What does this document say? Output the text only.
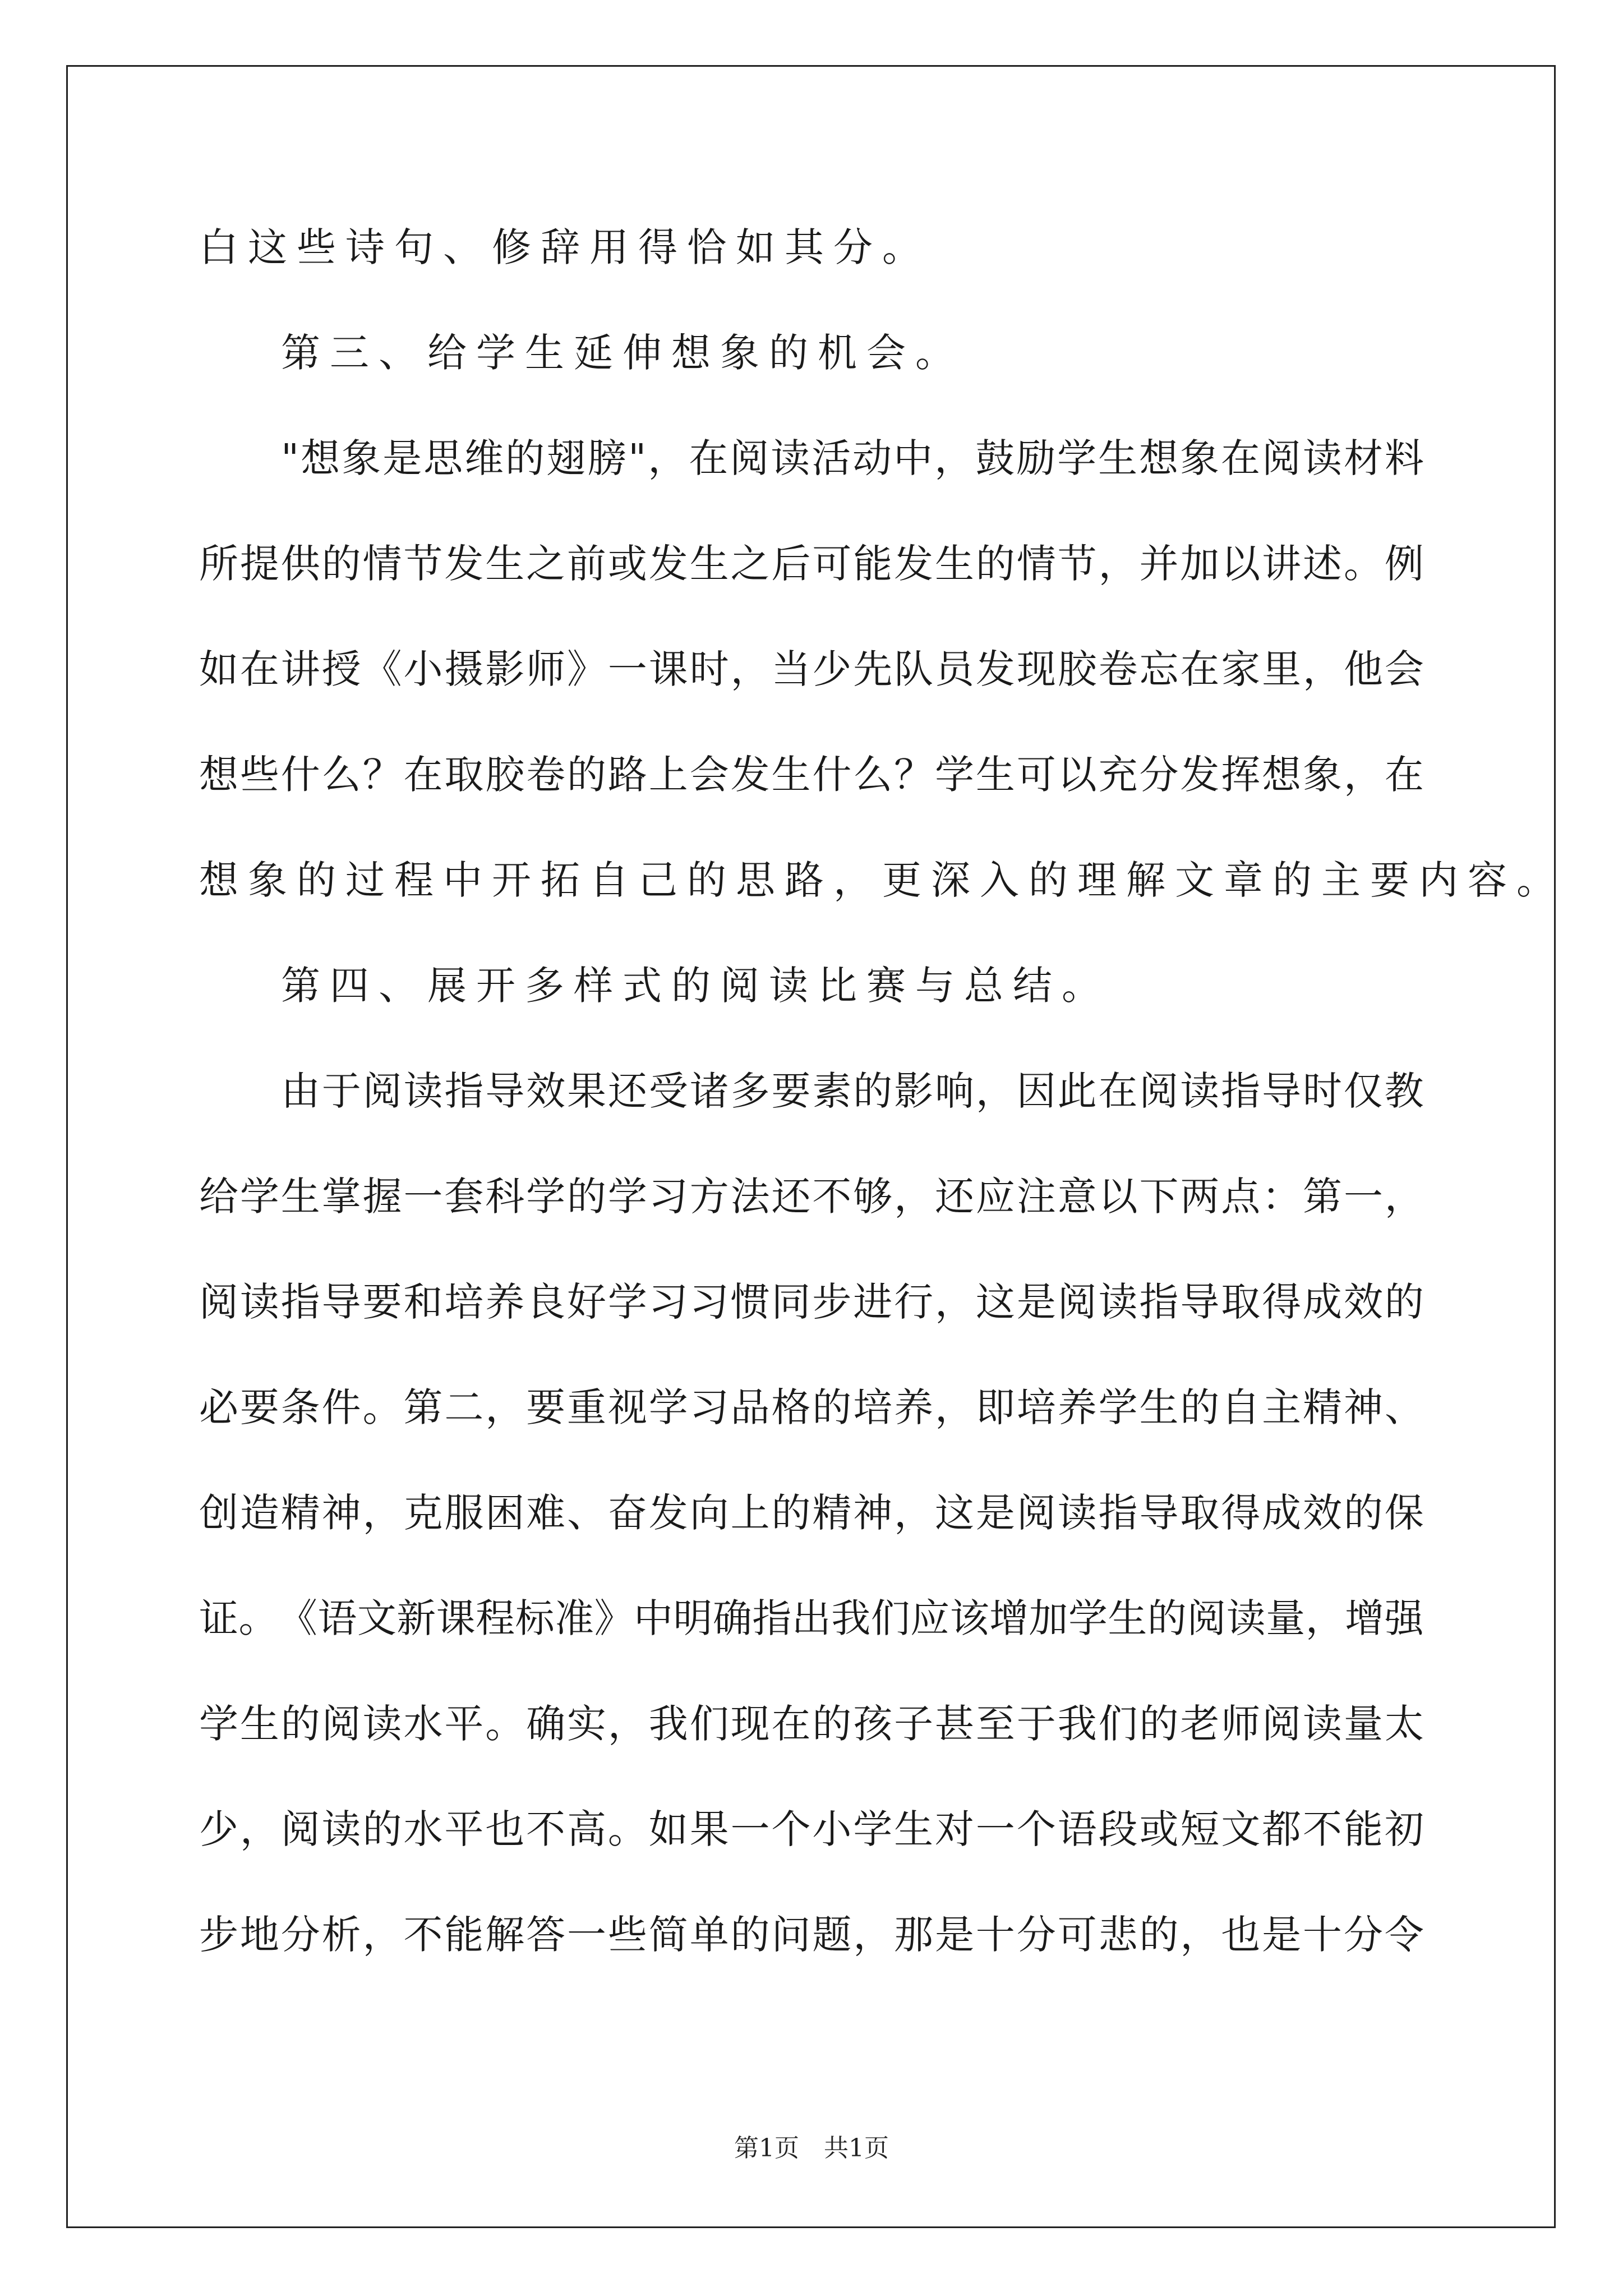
白这些诗句、修辞用得恰如其分。
第三、给学生延伸想象的机会。
" 想 象 是 思 维 的 翅 膀 " ， 在 阅 读 活 动 中 ， 鼓 励 学 生 想 象 在 阅 读 材 料
所 提 供 的 情 节 发 生 之 前 或 发 生 之 后 可 能 发 生 的 情 节 ， 并 加 以 讲 述 。 例
如 在 讲 授 《 小 摄 影 师 》 一 课 时 ， 当 少 先 队 员 发 现 胶 卷 忘 在 家 里 ， 他 会
想 些 什 么 ？ 在 取 胶 卷 的 路 上 会 发 生 什 么 ？ 学 生 可 以 充 分 发 挥 想 象 ， 在
想象的过程中开拓自己的思路，更深入的理解文章的主要内容。
第四、展开多样式的阅读比赛与总结。
由 于 阅 读 指 导 效 果 还 受 诸 多 要 素 的 影 响 ， 因 此 在 阅 读 指 导 时 仅 教
给 学 生 掌 握 一 套 科 学 的 学 习 方 法 还 不 够 ， 还 应 注 意 以 下 两 点 ： 第 一 ，
阅 读 指 导 要 和 培 养 良 好 学 习 习 惯 同 步 进 行 ， 这 是 阅 读 指 导 取 得 成 效 的
必 要 条 件 。 第 二 ， 要 重 视 学 习 品 格 的 培 养 ， 即 培 养 学 生 的 自 主 精 神 、
创 造 精 神 ， 克 服 困 难 、 奋 发 向 上 的 精 神 ， 这 是 阅 读 指 导 取 得 成 效 的 保
证 。 《 语 文 新 课 程 标 准 》 中 明 确 指 出 我 们 应 该 增 加 学 生 的 阅 读 量 ， 增 强
学 生 的 阅 读 水 平 。 确 实 ， 我 们 现 在 的 孩 子 甚 至 于 我 们 的 老 师 阅 读 量 太
少 ， 阅 读 的 水 平 也 不 高 。 如 果 一 个 小 学 生 对 一 个 语 段 或 短 文 都 不 能 初
步 地 分 析 ， 不 能 解 答 一 些 简 单 的 问 题 ， 那 是 十 分 可 悲 的 ， 也 是 十 分 令
第1页　共1页
